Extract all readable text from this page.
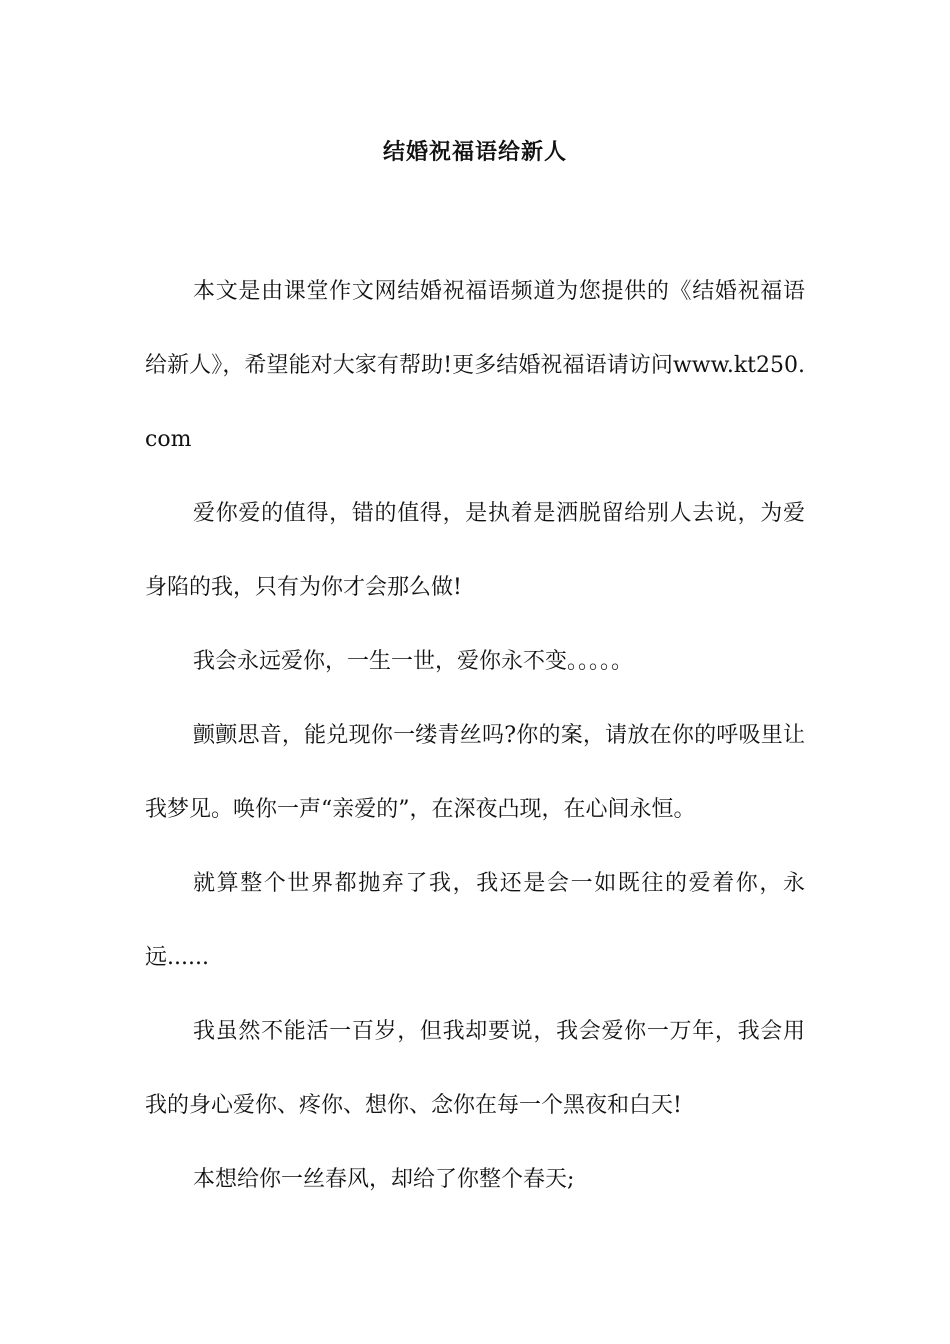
结婚祝福语给新人

本文是由课堂作文网结婚祝福语频道为您提供的《结婚祝福语给新人》，希望能对大家有帮助!更多结婚祝福语请访问www.kt250.com

爱你爱的值得，错的值得，是执着是洒脱留给别人去说，为爱身陷的我，只有为你才会那么做!

我会永远爱你，一生一世，爱你永不变。。。。。

颤颤思音，能兑现你一缕青丝吗?你的案，请放在你的呼吸里让我梦见。唤你一声“亲爱的”，在深夜凸现，在心间永恒。

就算整个世界都抛弃了我，我还是会一如既往的爱着你，永远......

我虽然不能活一百岁，但我却要说，我会爱你一万年，我会用我的身心爱你、疼你、想你、念你在每一个黑夜和白天!

本想给你一丝春风，却给了你整个春天;
